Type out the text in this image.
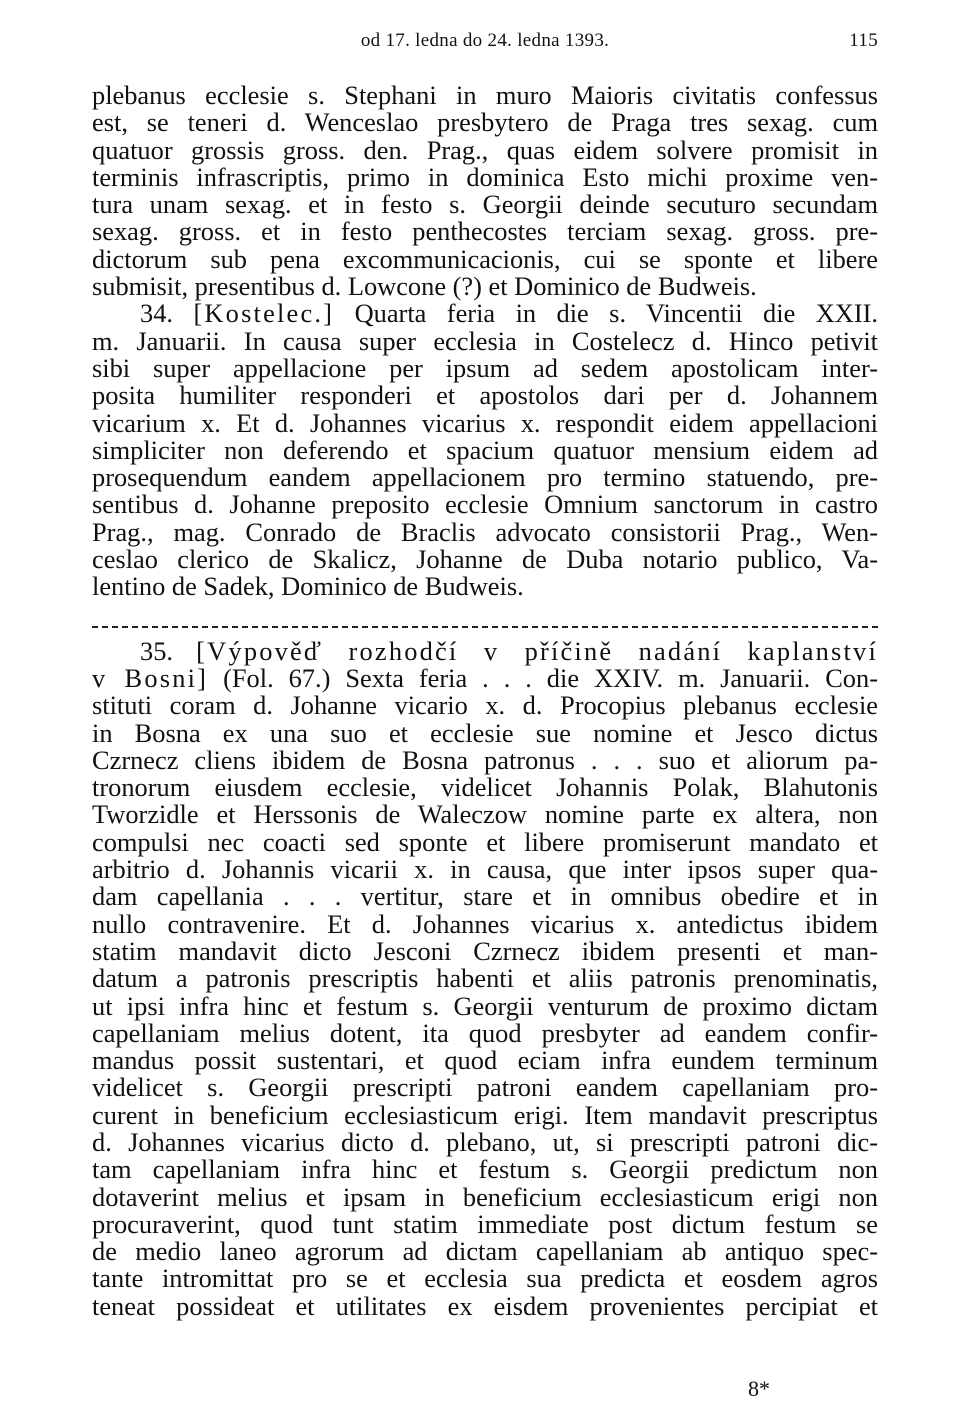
od 17. ledna do 24. ledna 1393.	115
plebanus ecclesie s. Stephani in muro Maioris civitatis confessus
est, se teneri d. Wenceslao presbytero de Praga tres sexag. cum
quatuor grossis gross. den. Prag., quas eidem solvere promisit in
terminis infrascriptis, primo in dominica Esto michi proxime ven-
tura unam sexag. et in festo s. Georgii deinde secuturo secundam
sexag. gross. et in festo penthecostes terciam sexag. gross. pre-
dictorum sub pena excommunicacionis, cui se sponte et libere
submisit, presentibus d. Lowcone (?) et Dominico de Budweis.
34. [Kostelec.] Quarta feria in die s. Vincentii die XXII.
m. Januarii. In causa super ecclesia in Costelecz d. Hinco petivit
sibi super appellacione per ipsum ad sedem apostolicam inter-
posita humiliter responderi et apostolos dari per d. Johannem
vicarium x. Et d. Johannes vicarius x. respondit eidem appellacioni
simpliciter non deferendo et spacium quatuor mensium eidem ad
prosequendum eandem appellacionem pro termino statuendo, pre-
sentibus d. Johanne preposito ecclesie Omnium sanctorum in castro
Prag., mag. Conrado de Braclis advocato consistorii Prag., Wen-
ceslao clerico de Skalicz, Johanne de Duba notario publico, Va-
lentino de Sadek, Dominico de Budweis.
35. [Výpověď rozhodčí v příčině nadání kaplanství
v Bosni] (Fol. 67.) Sexta feria . . . die XXIV. m. Januarii. Con-
stituti coram d. Johanne vicario x. d. Procopius plebanus ecclesie
in Bosna ex una suo et ecclesie sue nomine et Jesco dictus
Czrnecz cliens ibidem de Bosna patronus . . . suo et aliorum pa-
tronorum eiusdem ecclesie, videlicet Johannis Polak, Blahutonis
Tworzidle et Herssonis de Waleczow nomine parte ex altera, non
compulsi nec coacti sed sponte et libere promiserunt mandato et
arbitrio d. Johannis vicarii x. in causa, que inter ipsos super qua-
dam capellania . . . vertitur, stare et in omnibus obedire et in
nullo contravenire. Et d. Johannes vicarius x. antedictus ibidem
statim mandavit dicto Jesconi Czrnecz ibidem presenti et man-
datum a patronis prescriptis habenti et aliis patronis prenominatis,
ut ipsi infra hinc et festum s. Georgii venturum de proximo dictam
capellaniam melius dotent, ita quod presbyter ad eandem confir-
mandus possit sustentari, et quod eciam infra eundem terminum
videlicet s. Georgii prescripti patroni eandem capellaniam pro-
curent in beneficium ecclesiasticum erigi. Item mandavit prescriptus
d. Johannes vicarius dicto d. plebano, ut, si prescripti patroni dic-
tam capellaniam infra hinc et festum s. Georgii predictum non
dotaverint melius et ipsam in beneficium ecclesiasticum erigi non
procuraverint, quod tunt statim immediate post dictum festum se
de medio laneo agrorum ad dictam capellaniam ab antiquo spec-
tante intromittat pro se et ecclesia sua predicta et eosdem agros
teneat possideat et utilitates ex eisdem provenientes percipiat et
8*
